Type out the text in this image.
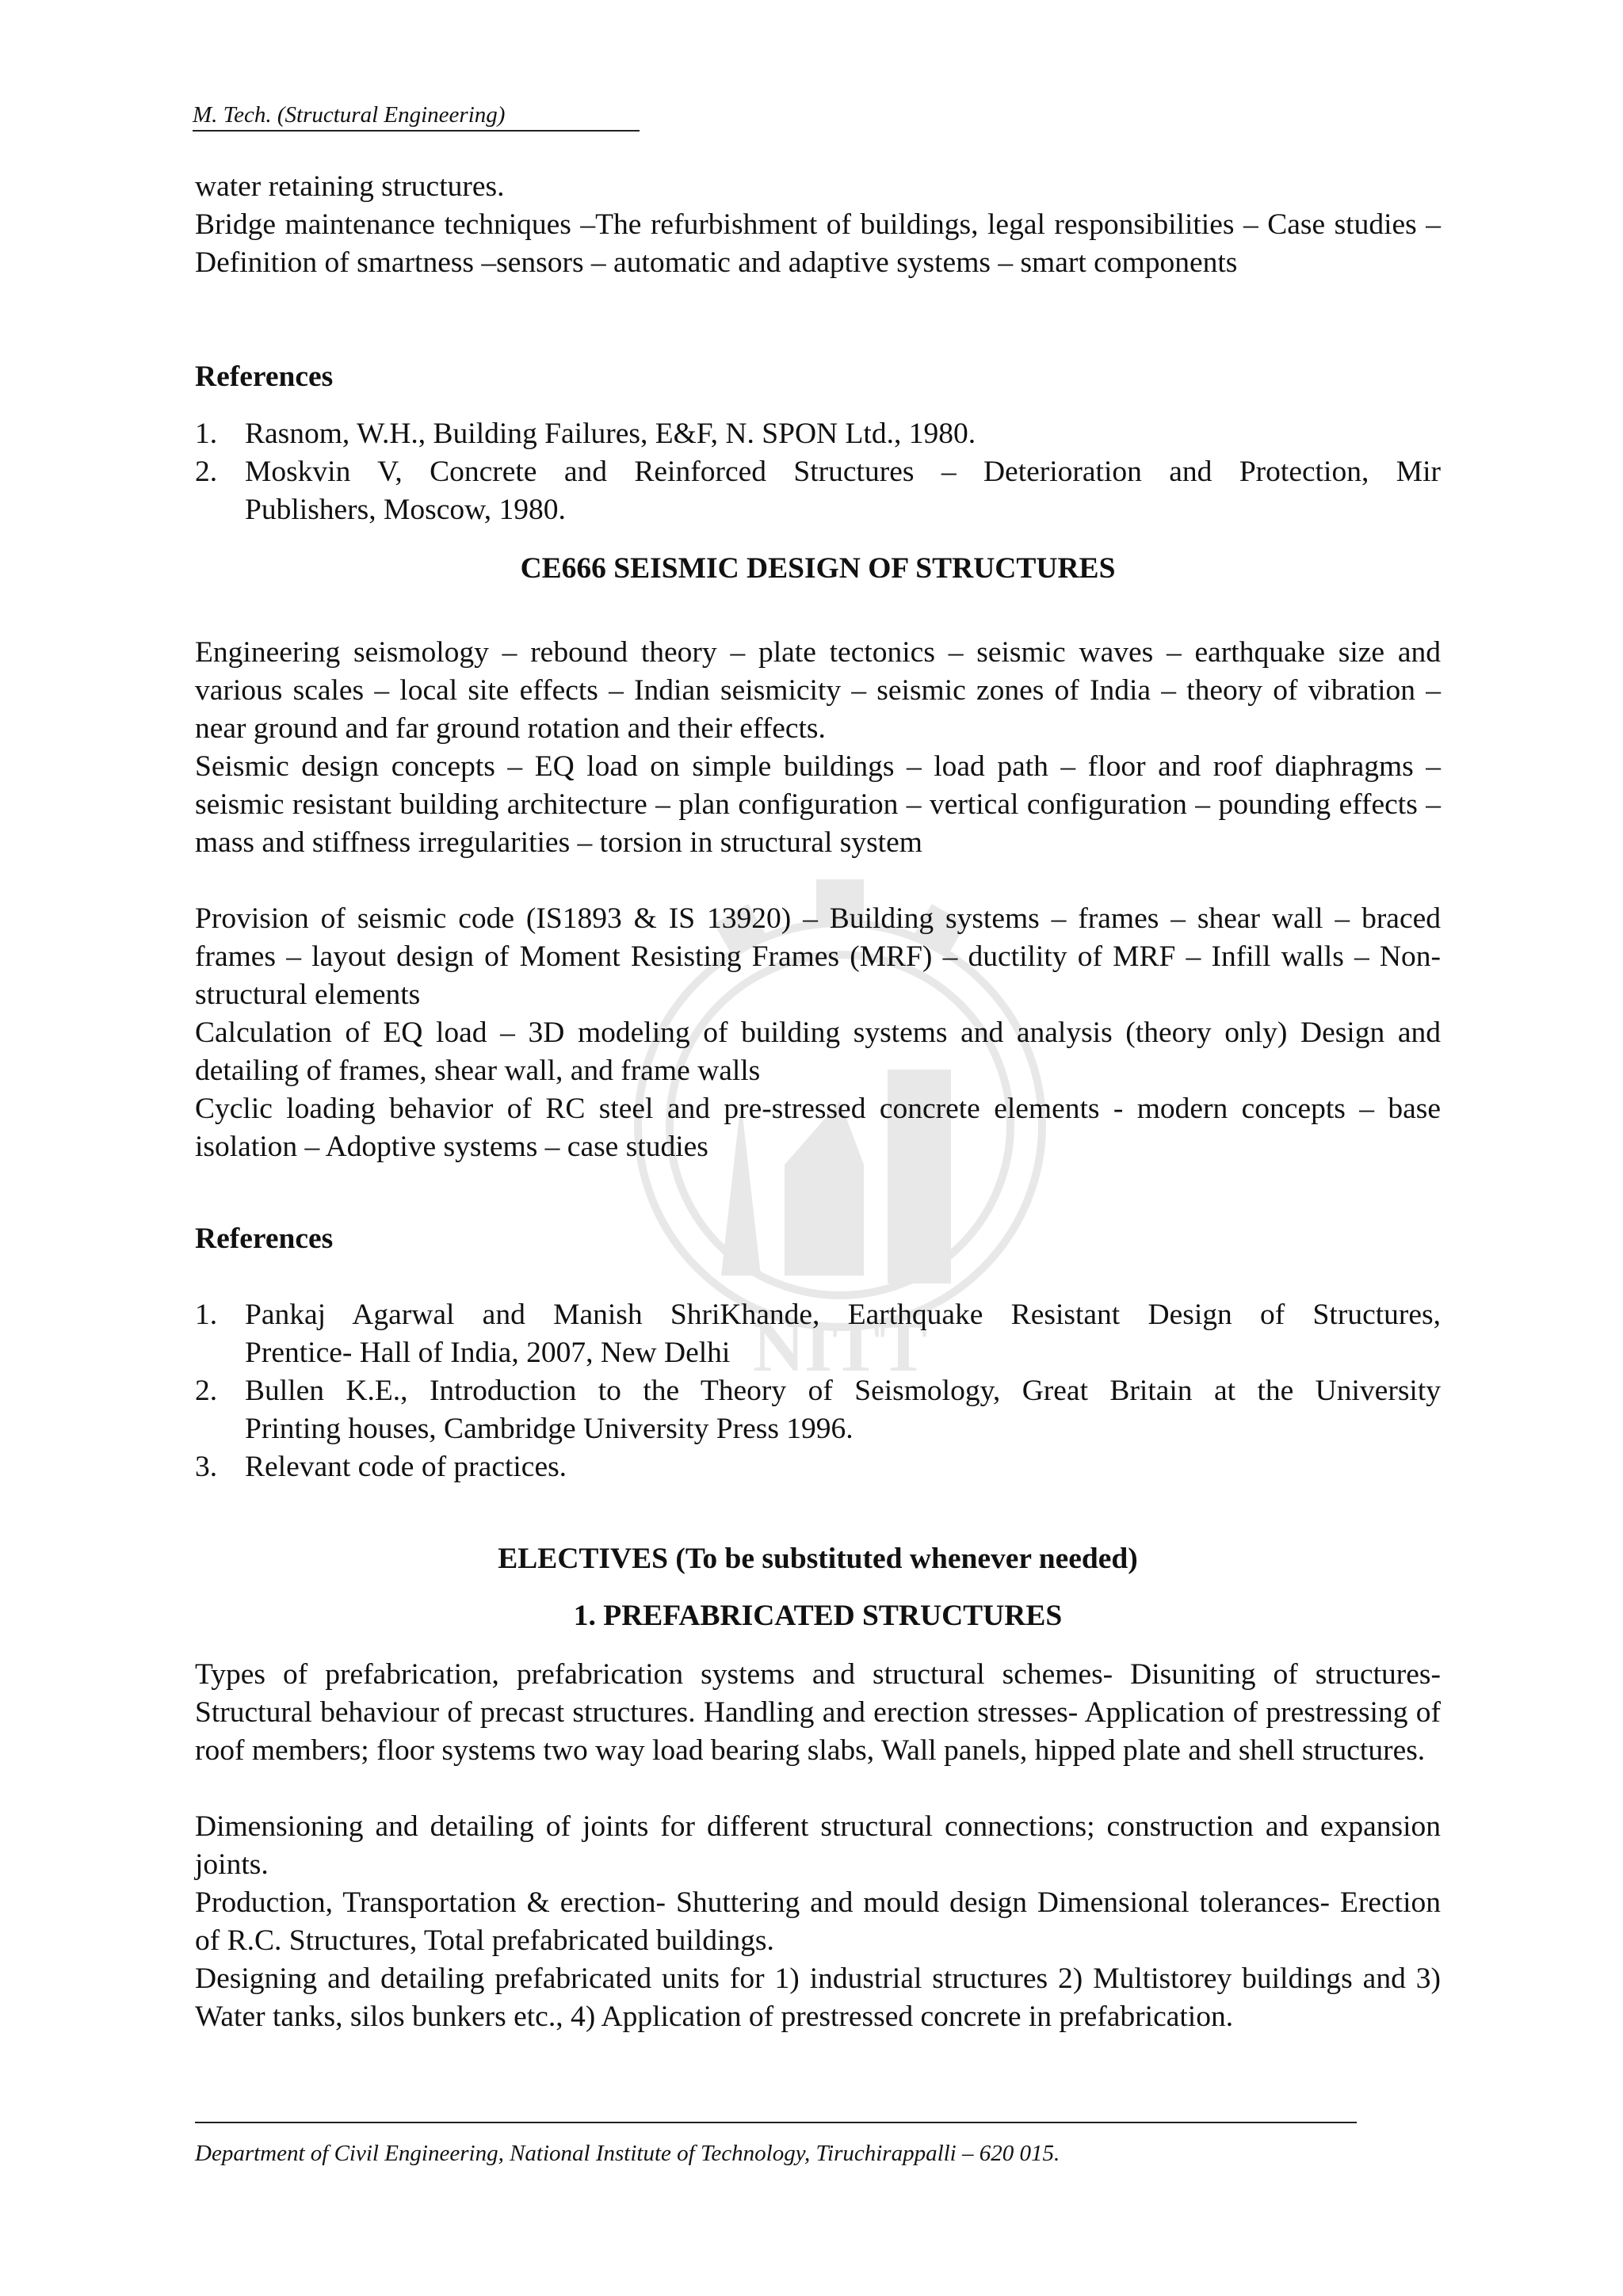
NITT
M. Tech. (Structural Engineering)
water retaining structures.
Bridge maintenance techniques –The refurbishment of buildings, legal responsibilities – Case studies – Definition of smartness –sensors – automatic and adaptive systems – smart components
References
1. Rasnom, W.H., Building Failures, E&F, N. SPON Ltd., 1980.
2. Moskvin V, Concrete and Reinforced Structures – Deterioration and Protection, Mir
Publishers, Moscow, 1980.
CE666 SEISMIC DESIGN OF STRUCTURES
Engineering seismology – rebound theory – plate tectonics – seismic waves – earthquake size and various scales – local site effects – Indian seismicity – seismic zones of India – theory of vibration – near ground and far ground rotation and their effects.
Seismic design concepts – EQ load on simple buildings – load path – floor and roof diaphragms – seismic resistant building architecture – plan configuration – vertical configuration – pounding effects – mass and stiffness irregularities – torsion in structural system
Provision of seismic code (IS1893 & IS 13920) – Building systems – frames – shear wall – braced frames – layout design of Moment Resisting Frames (MRF) – ductility of MRF – Infill walls – Non-structural elements
Calculation of EQ load – 3D modeling of building systems and analysis (theory only) Design and detailing of frames, shear wall, and frame walls
Cyclic loading behavior of RC steel and pre-stressed concrete elements - modern concepts – base isolation – Adoptive systems – case studies
References
1. Pankaj Agarwal and Manish ShriKhande, Earthquake Resistant Design of Structures,
Prentice- Hall of India, 2007, New Delhi
2. Bullen K.E., Introduction to the Theory of Seismology, Great Britain at the University
Printing houses, Cambridge University Press 1996.
3. Relevant code of practices.
ELECTIVES (To be substituted whenever needed)
1. PREFABRICATED STRUCTURES
Types of prefabrication, prefabrication systems and structural schemes- Disuniting of structures- Structural behaviour of precast structures. Handling and erection stresses- Application of prestressing of roof members; floor systems two way load bearing slabs, Wall panels, hipped plate and shell structures.
Dimensioning and detailing of joints for different structural connections; construction and expansion joints.
Production, Transportation & erection- Shuttering and mould design Dimensional tolerances- Erection of R.C. Structures, Total prefabricated buildings.
Designing and detailing prefabricated units for 1) industrial structures 2) Multistorey buildings and 3) Water tanks, silos bunkers etc., 4) Application of prestressed concrete in prefabrication.
Department of Civil Engineering, National Institute of Technology, Tiruchirappalli – 620 015.
